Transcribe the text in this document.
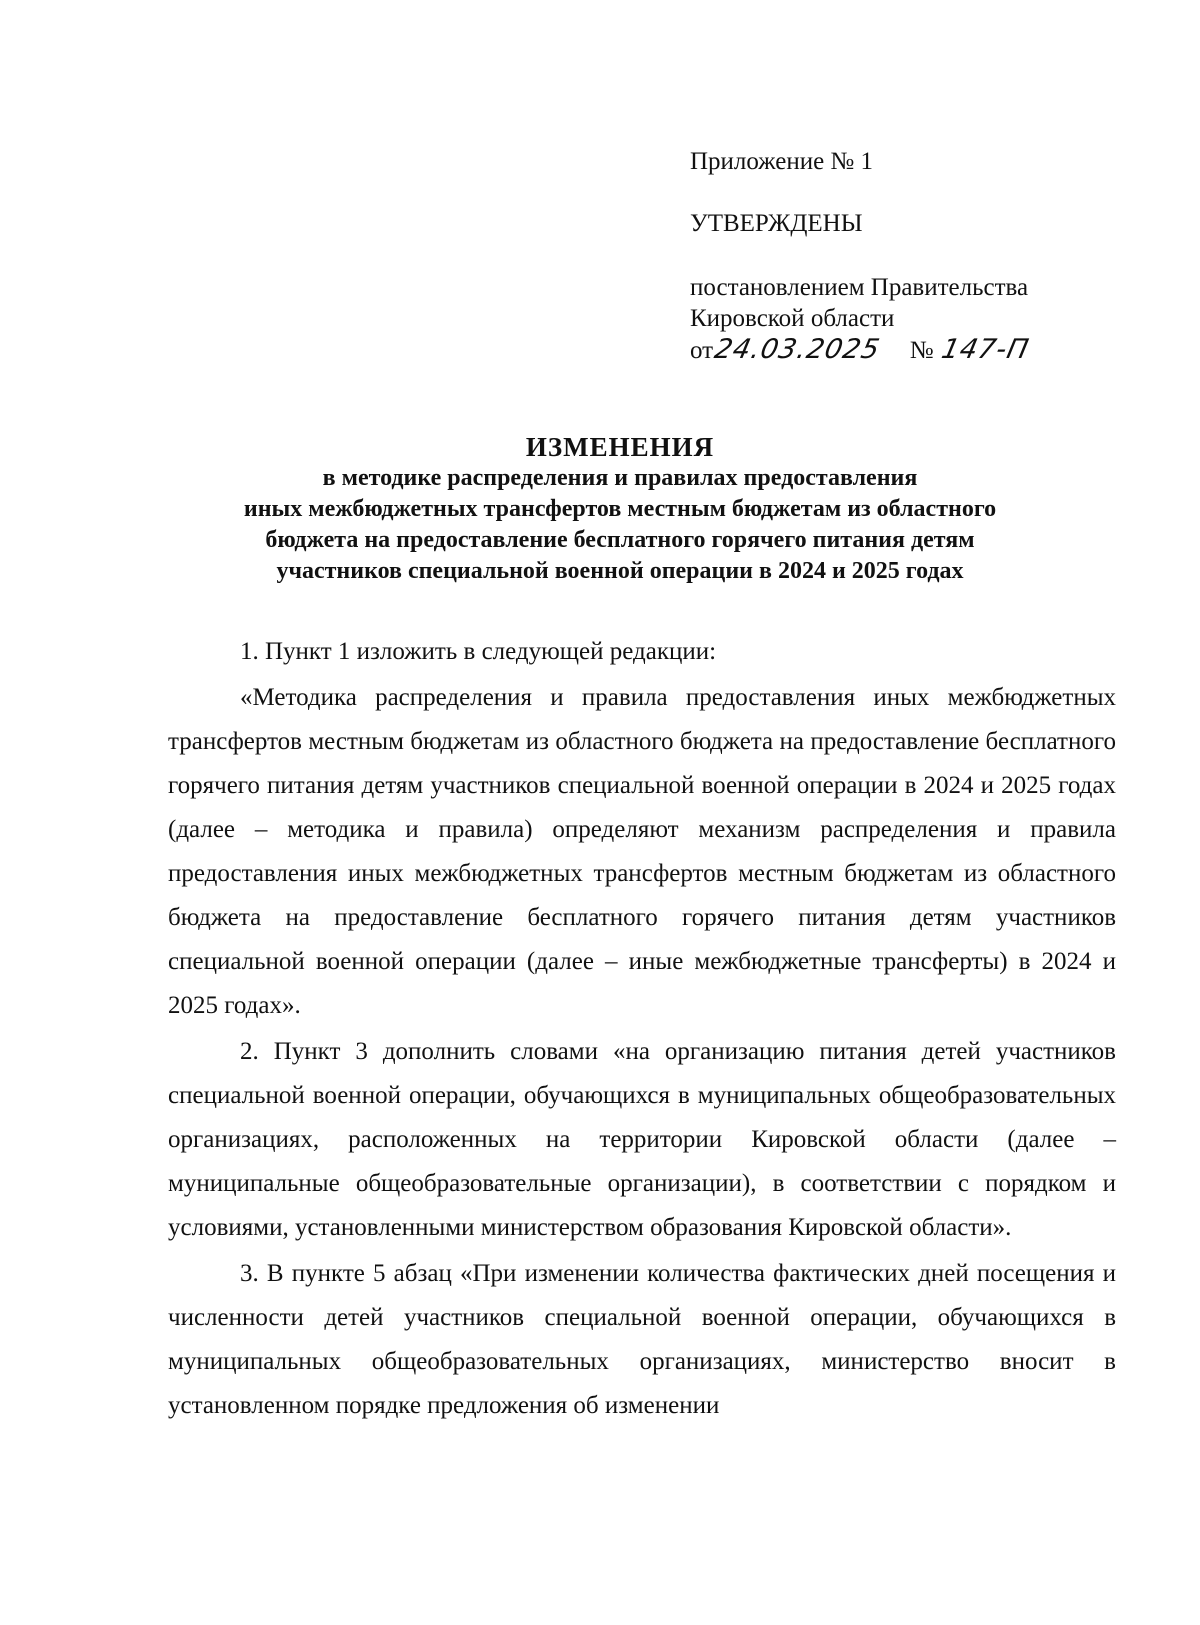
Приложение № 1
УТВЕРЖДЕНЫ
постановлением Правительства
Кировской области
от24.03.2025 № 147-П
ИЗМЕНЕНИЯ
в методике распределения и правилах предоставления
иных межбюджетных трансфертов местным бюджетам из областного
бюджета на предоставление бесплатного горячего питания детям
участников специальной военной операции в 2024 и 2025 годах

1. Пункт 1 изложить в следующей редакции:

«Методика распределения и правила предоставления иных межбюджетных трансфертов местным бюджетам из областного бюджета на предоставление бесплатного горячего питания детям участников специальной военной операции в 2024 и 2025 годах (далее – методика и правила) определяют механизм распределения и правила предоставления иных межбюджетных трансфертов местным бюджетам из областного бюджета на предоставление бесплатного горячего питания детям участников специальной военной операции (далее – иные межбюджетные трансферты) в 2024 и 2025 годах».

2. Пункт 3 дополнить словами «на организацию питания детей участников специальной военной операции, обучающихся в муниципальных общеобразовательных организациях, расположенных на территории Кировской области (далее – муниципальные общеобразовательные организации), в соответствии с порядком и условиями, установленными министерством образования Кировской области».

3. В пункте 5 абзац «При изменении количества фактических дней посещения и численности детей участников специальной военной операции, обучающихся в муниципальных общеобразовательных организациях, министерство вносит в установленном порядке предложения об изменении
